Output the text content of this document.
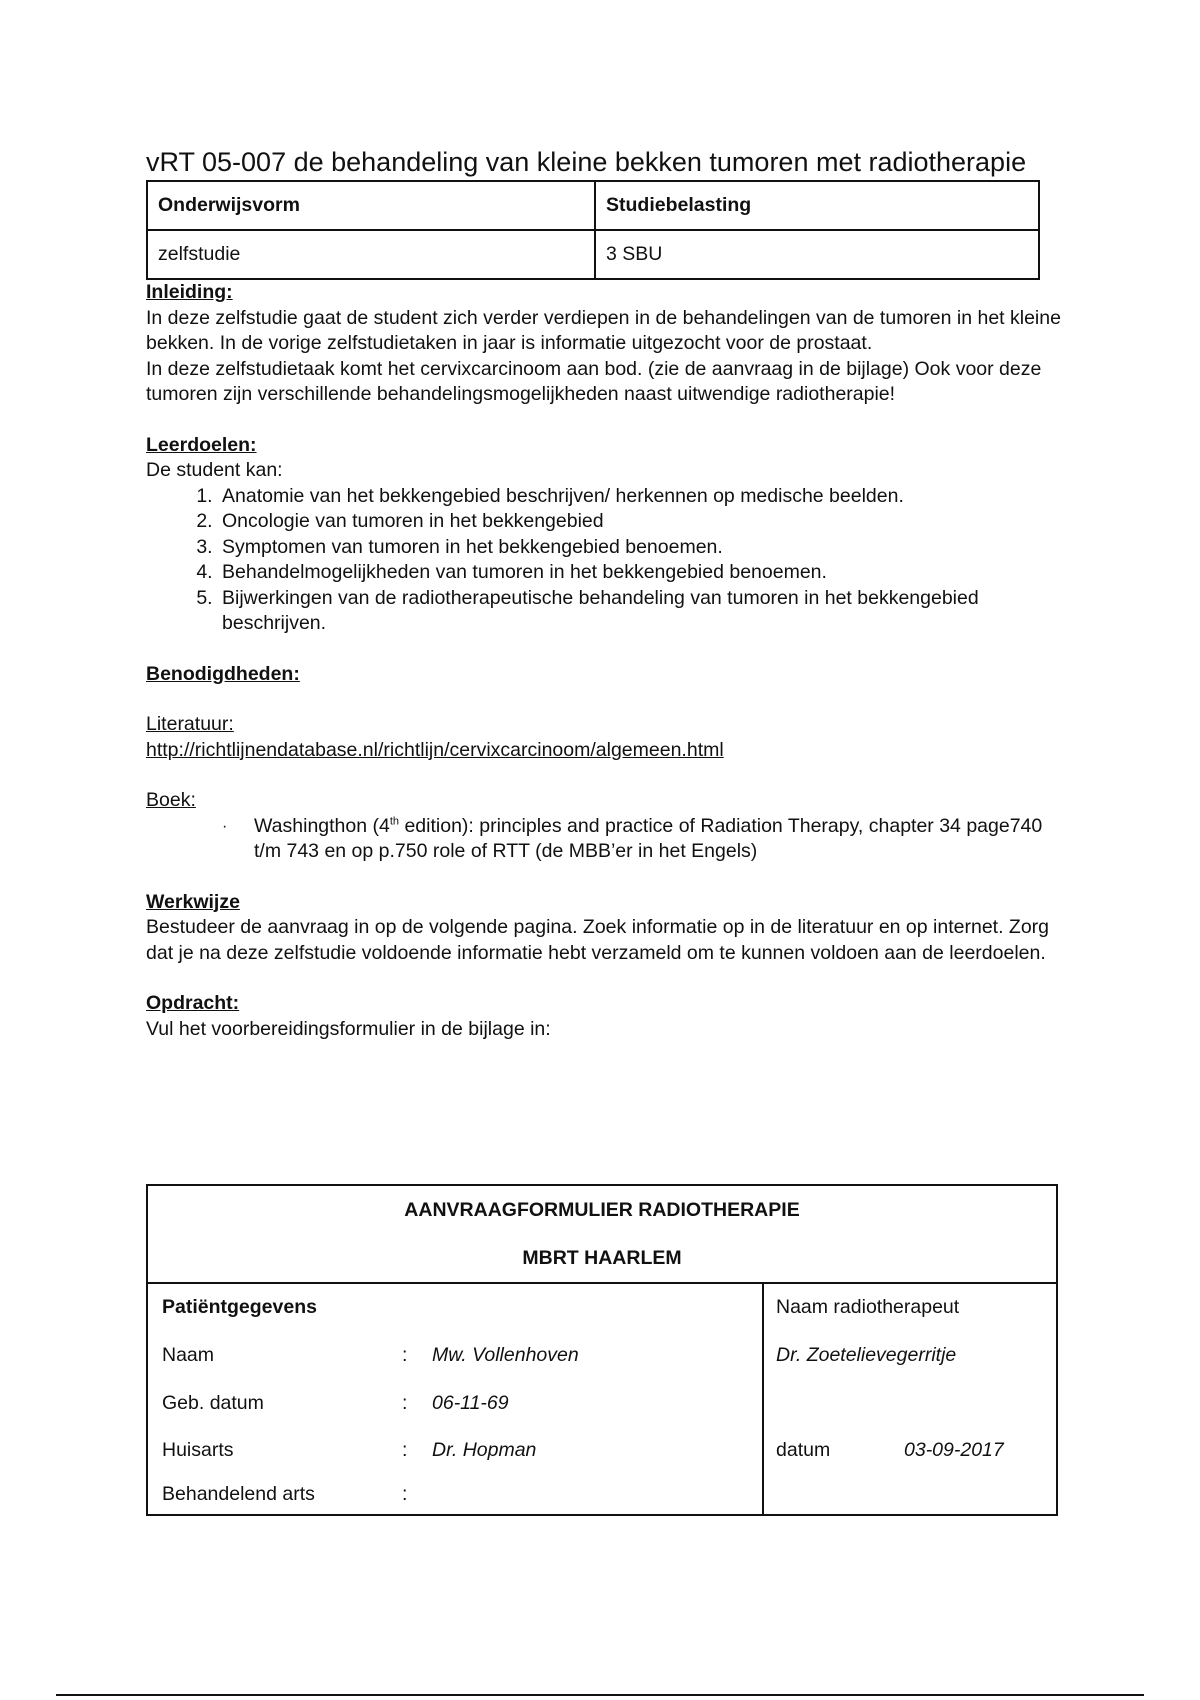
vRT 05-007 de behandeling van kleine bekken tumoren met radiotherapie
Onderwijsvorm	Studiebelasting
zelfstudie	3 SBU

Inleiding:

In deze zelfstudie gaat de student zich verder verdiepen in de behandelingen van de tumoren in het kleine bekken. In de vorige zelfstudietaken in jaar is informatie uitgezocht voor de prostaat.

In deze zelfstudietaak komt het cervixcarcinoom aan bod. (zie de aanvraag in de bijlage) Ook voor deze tumoren zijn verschillende behandelingsmogelijkheden naast uitwendige radiotherapie!

Leerdoelen:

De student kan:

1. Anatomie van het bekkengebied beschrijven/ herkennen op medische beelden.
2. Oncologie van tumoren in het bekkengebied
3. Symptomen van tumoren in het bekkengebied benoemen.
4. Behandelmogelijkheden van tumoren in het bekkengebied benoemen.
5. Bijwerkingen van de radiotherapeutische behandeling van tumoren in het bekkengebied beschrijven.

Benodigdheden:

Literatuur:

http://richtlijnendatabase.nl/richtlijn/cervixcarcinoom/algemeen.html

Boek:

· Washingthon (4th edition): principles and practice of Radiation Therapy, chapter 34 page740 t/m 743 en op p.750 role of RTT (de MBB’er in het Engels)

Werkwijze

Bestudeer de aanvraag in op de volgende pagina. Zoek informatie op in de literatuur en op internet. Zorg dat je na deze zelfstudie voldoende informatie hebt verzameld om te kunnen voldoen aan de leerdoelen.

Opdracht:

Vul het voorbereidingsformulier in de bijlage in:

AANVRAAGFORMULIER RADIOTHERAPIE
MBRT HAARLEM
Patiëntgegevens
Naam	: Mw. Vollenhoven
Geb. datum	: 06-11-69
Huisarts	: Dr. Hopman
Behandelend arts	:
Naam radiotherapeut
Dr. Zoetelievegerritje
datum	03-09-2017
